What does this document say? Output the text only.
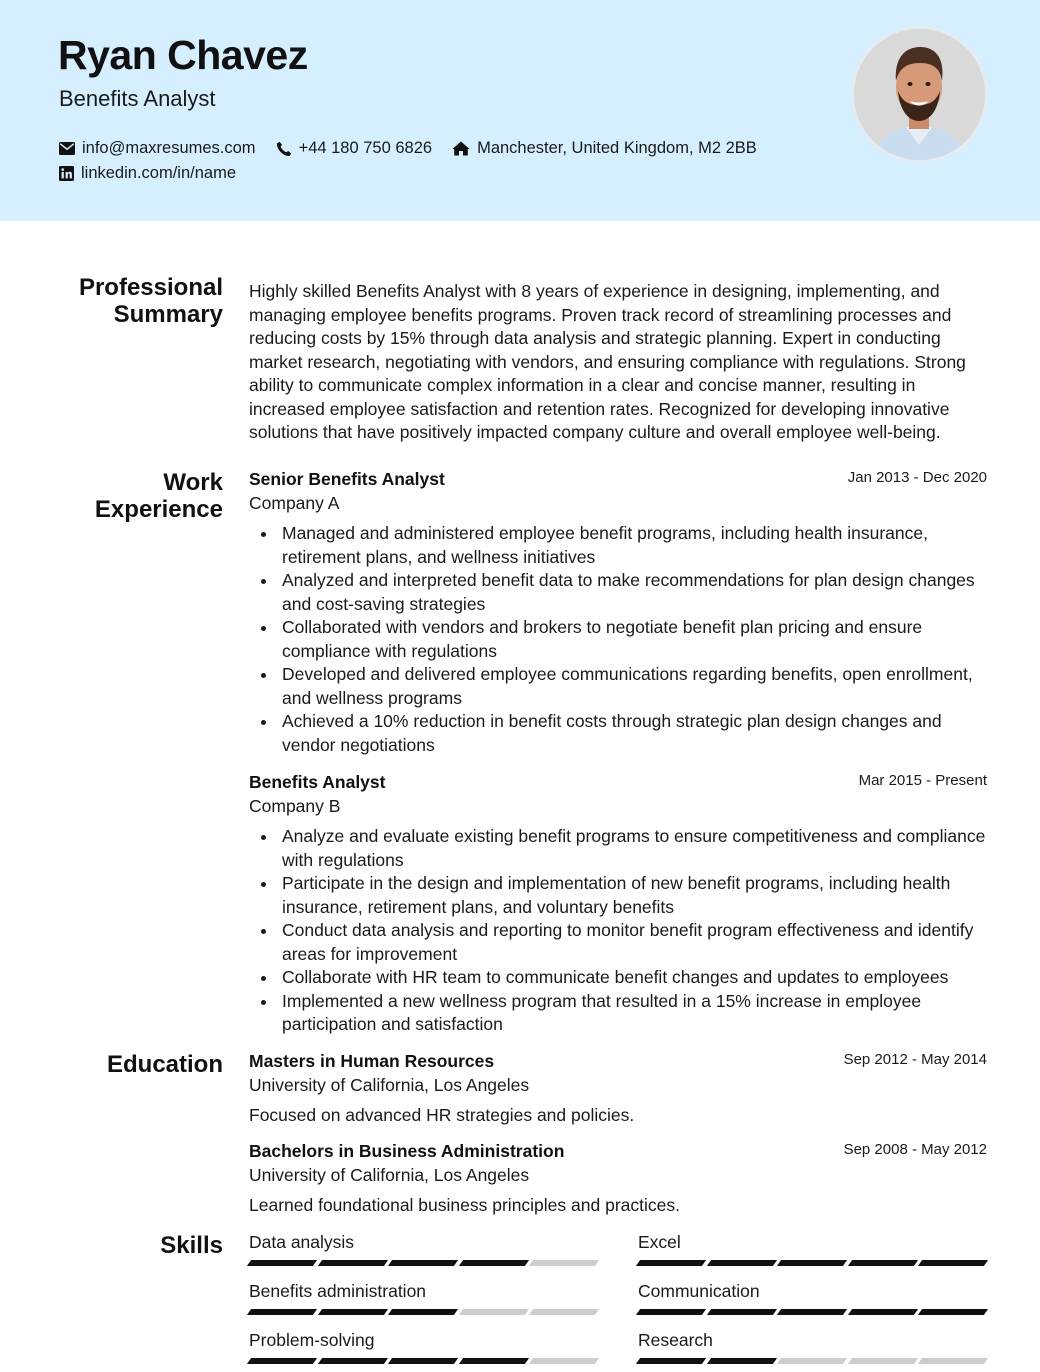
Ryan Chavez
Benefits Analyst
info@maxresumes.com	+44 180 750 6826	Manchester, United Kingdom, M2 2BB
linkedin.com/in/name
Professional
Summary
Highly skilled Benefits Analyst with 8 years of experience in designing, implementing, and managing employee benefits programs. Proven track record of streamlining processes and reducing costs by 15% through data analysis and strategic planning. Expert in conducting market research, negotiating with vendors, and ensuring compliance with regulations. Strong ability to communicate complex information in a clear and concise manner, resulting in increased employee satisfaction and retention rates. Recognized for developing innovative solutions that have positively impacted company culture and overall employee well-being.
Work
Experience
Senior Benefits Analyst	Jan 2013 - Dec 2020
Company A
Managed and administered employee benefit programs, including health insurance, retirement plans, and wellness initiatives
Analyzed and interpreted benefit data to make recommendations for plan design changes and cost-saving strategies
Collaborated with vendors and brokers to negotiate benefit plan pricing and ensure compliance with regulations
Developed and delivered employee communications regarding benefits, open enrollment, and wellness programs
Achieved a 10% reduction in benefit costs through strategic plan design changes and vendor negotiations
Benefits Analyst	Mar 2015 - Present
Company B
Analyze and evaluate existing benefit programs to ensure competitiveness and compliance with regulations
Participate in the design and implementation of new benefit programs, including health insurance, retirement plans, and voluntary benefits
Conduct data analysis and reporting to monitor benefit program effectiveness and identify areas for improvement
Collaborate with HR team to communicate benefit changes and updates to employees
Implemented a new wellness program that resulted in a 15% increase in employee participation and satisfaction
Education Masters in Human Resources	Sep 2012 - May 2014
University of California, Los Angeles
Focused on advanced HR strategies and policies.
Bachelors in Business Administration	Sep 2008 - May 2012
University of California, Los Angeles
Learned foundational business principles and practices.
Skills Data analysis	Excel
Benefits administration	Communication
Problem-solving	Research
